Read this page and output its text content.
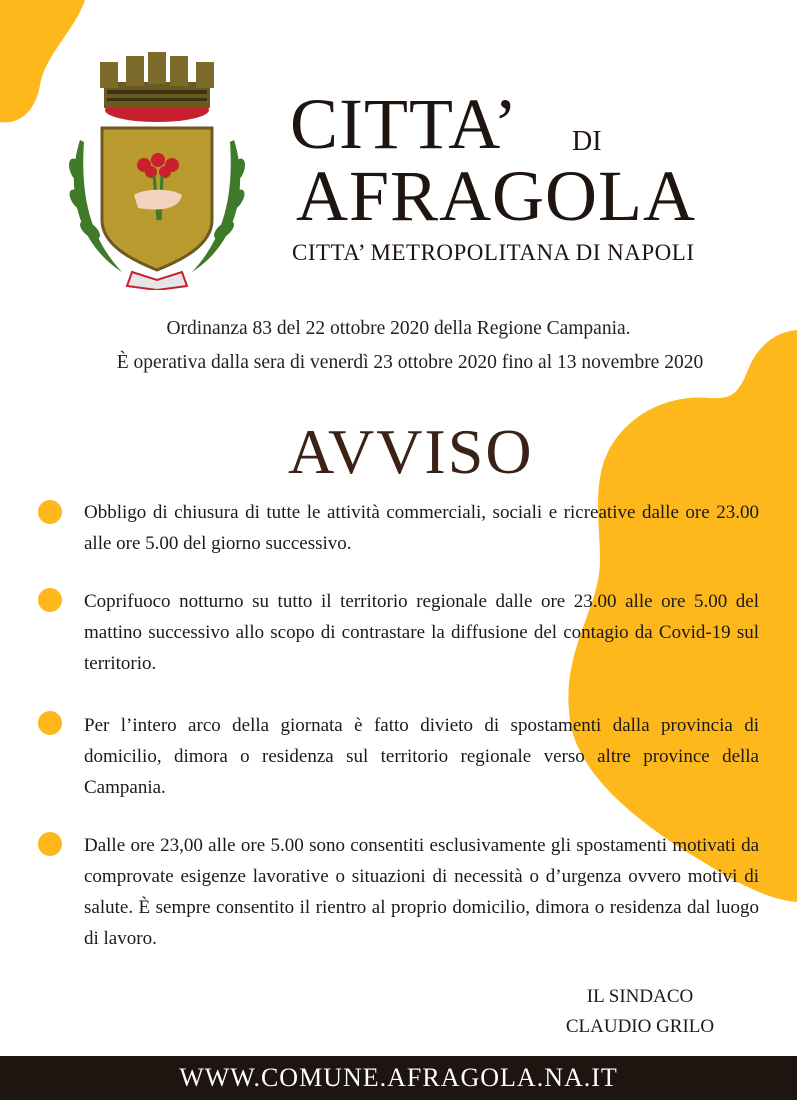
CITTA’ DI
AFRAGOLA
CITTA’ METROPOLITANA DI NAPOLI
Ordinanza 83 del 22 ottobre 2020 della Regione Campania.
È operativa dalla sera di venerdì 23 ottobre 2020 fino al 13 novembre 2020
AVVISO
Obbligo di chiusura di tutte le attività commerciali, sociali e ricreative dalle ore 23.00 alle ore 5.00 del giorno successivo.
Coprifuoco notturno su tutto il territorio regionale dalle ore 23.00 alle ore 5.00 del mattino successivo allo scopo di contrastare la diffusione del contagio da Covid-19 sul territorio.
Per l’intero arco della giornata è fatto divieto di spostamenti dalla provincia di domicilio, dimora o residenza sul territorio regionale verso altre province della Campania.
Dalle ore 23,00 alle ore 5.00 sono consentiti esclusivamente gli spostamenti motivati da comprovate esigenze lavorative o situazioni di necessità o d’urgenza ovvero motivi di salute. È sempre consentito il rientro al proprio domicilio, dimora o residenza dal luogo di lavoro.
IL SINDACO
CLAUDIO GRILO
WWW.COMUNE.AFRAGOLA.NA.IT
